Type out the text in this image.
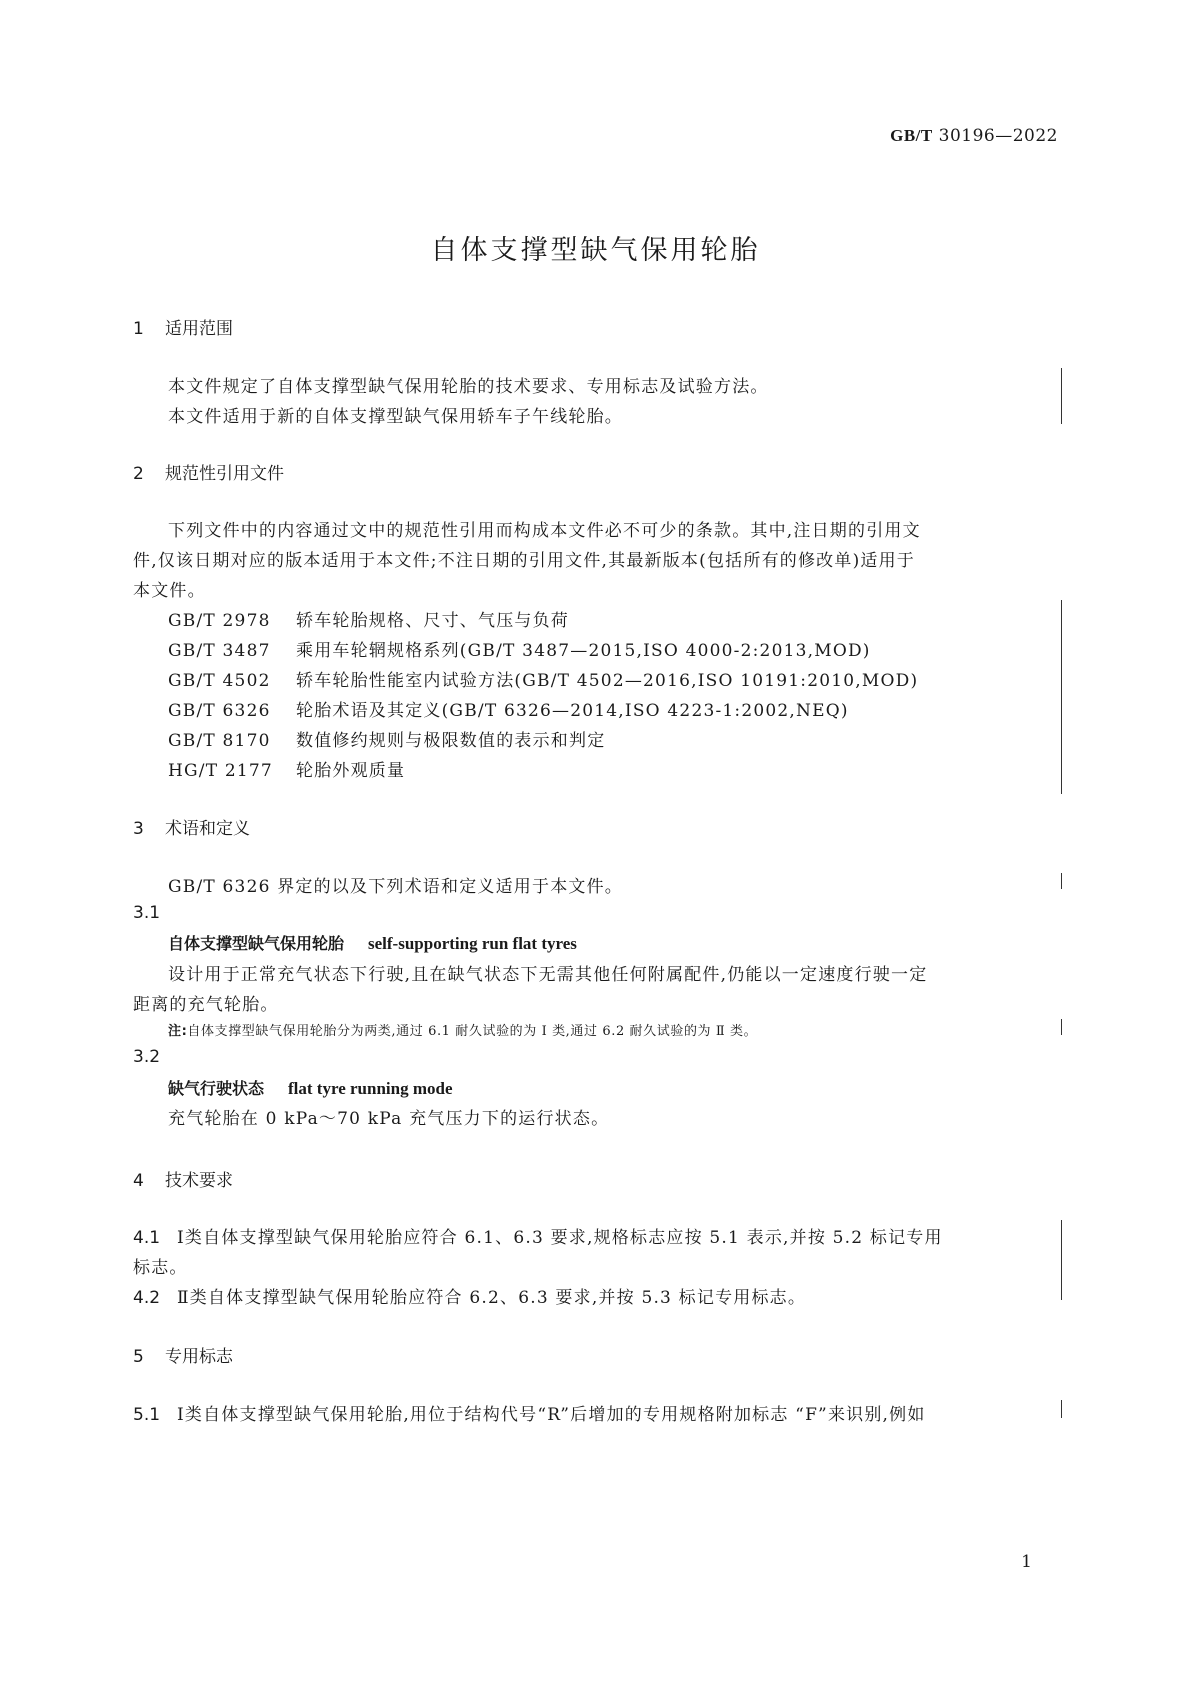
GB/T 30196—2022
自体支撑型缺气保用轮胎
1 适用范围
本文件规定了自体支撑型缺气保用轮胎的技术要求、专用标志及试验方法。
本文件适用于新的自体支撑型缺气保用轿车子午线轮胎。
2 规范性引用文件
下列文件中的内容通过文中的规范性引用而构成本文件必不可少的条款。其中,注日期的引用文
件,仅该日期对应的版本适用于本文件;不注日期的引用文件,其最新版本(包括所有的修改单)适用于
本文件。
GB/T 2978 轿车轮胎规格、尺寸、气压与负荷
GB/T 3487 乘用车轮辋规格系列(GB/T 3487—2015,ISO 4000-2:2013,MOD)
GB/T 4502 轿车轮胎性能室内试验方法(GB/T 4502—2016,ISO 10191:2010,MOD)
GB/T 6326 轮胎术语及其定义(GB/T 6326—2014,ISO 4223-1:2002,NEQ)
GB/T 8170 数值修约规则与极限数值的表示和判定
HG/T 2177 轮胎外观质量
3 术语和定义
GB/T 6326 界定的以及下列术语和定义适用于本文件。
3.1
自体支撑型缺气保用轮胎 self-supporting run flat tyres
设计用于正常充气状态下行驶,且在缺气状态下无需其他任何附属配件,仍能以一定速度行驶一定
距离的充气轮胎。
注:自体支撑型缺气保用轮胎分为两类,通过 6.1 耐久试验的为 Ⅰ 类,通过 6.2 耐久试验的为 Ⅱ 类。
3.2
缺气行驶状态 flat tyre running mode
充气轮胎在 0 kPa～70 kPa 充气压力下的运行状态。
4 技术要求
4.1 Ⅰ类自体支撑型缺气保用轮胎应符合 6.1、6.3 要求,规格标志应按 5.1 表示,并按 5.2 标记专用
标志。
4.2 Ⅱ类自体支撑型缺气保用轮胎应符合 6.2、6.3 要求,并按 5.3 标记专用标志。
5 专用标志
5.1 Ⅰ类自体支撑型缺气保用轮胎,用位于结构代号“R”后增加的专用规格附加标志 “F”来识别,例如
1
